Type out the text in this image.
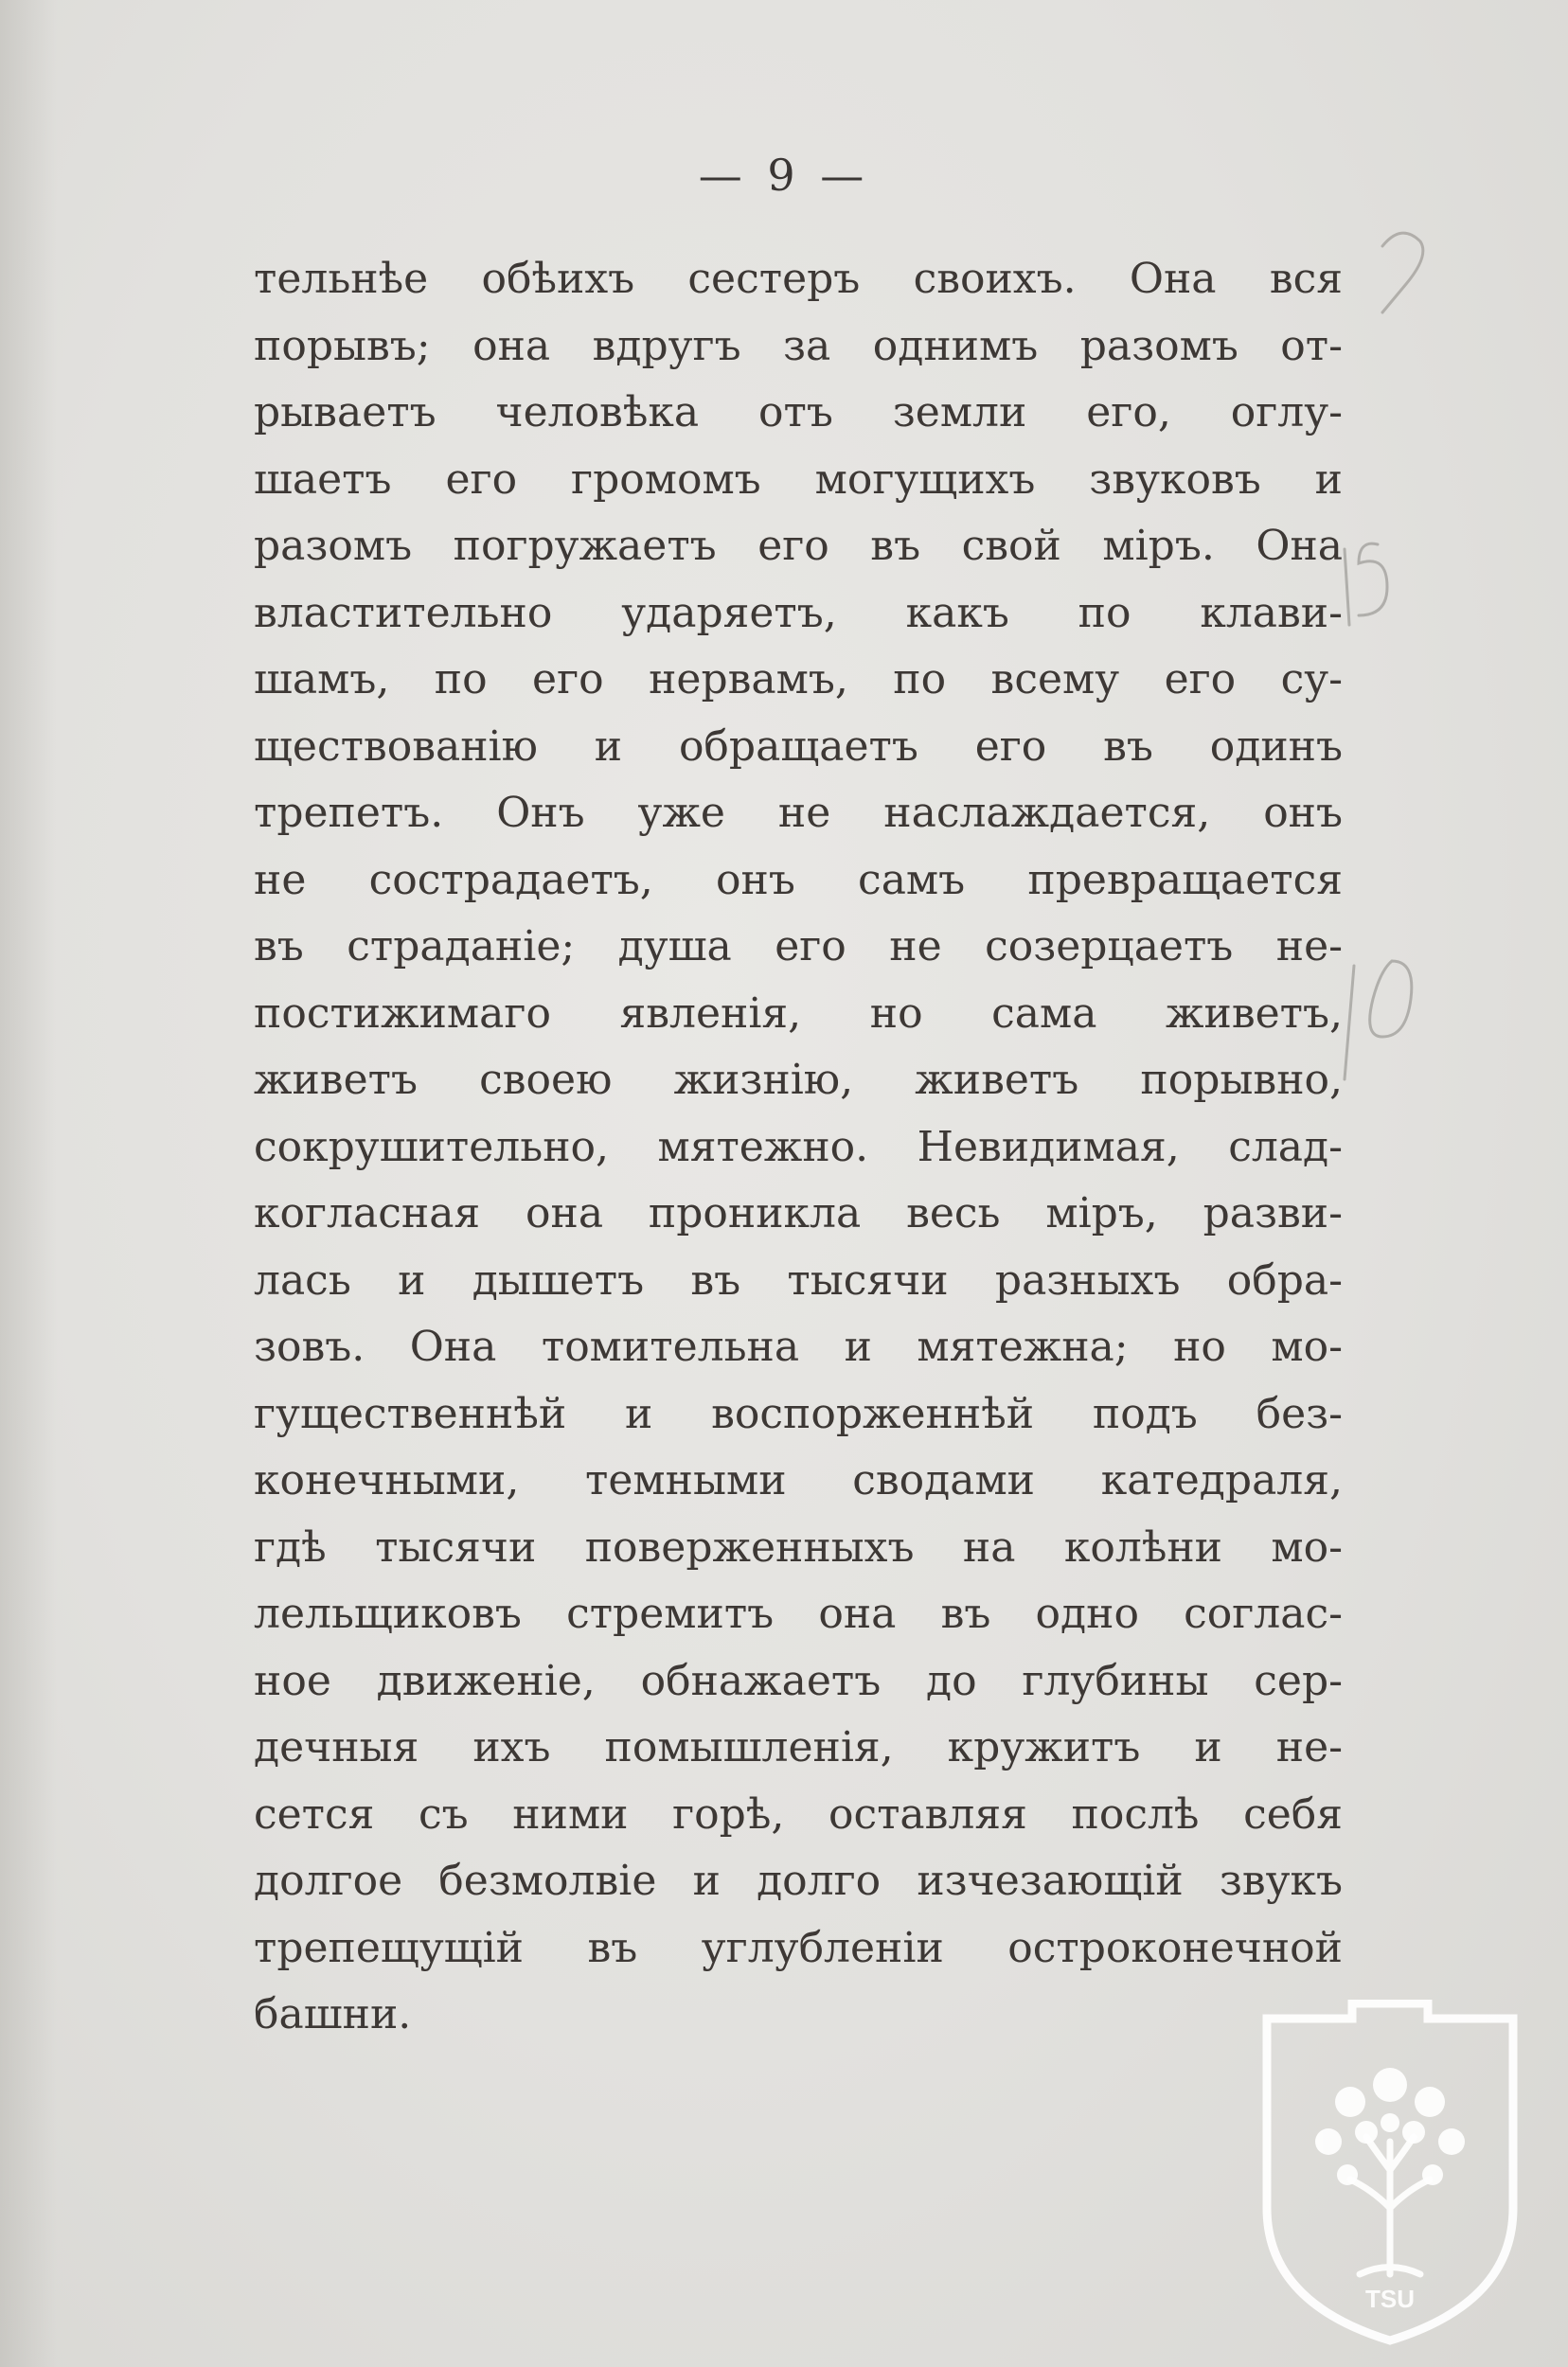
— 9 —
тельнѣе обѣихъ сестеръ своихъ. Она вся
порывъ; она вдругъ за однимъ разомъ от-
рываетъ человѣка отъ земли его, оглу-
шаетъ его громомъ могущихъ звуковъ и
разомъ погружаетъ его въ свой міръ. Она
властительно ударяетъ, какъ по клави-
шамъ, по его нервамъ, по всему его су-
ществованію и обращаетъ его въ одинъ
трепетъ. Онъ уже не наслаждается, онъ
не сострадаетъ, онъ самъ превращается
въ страданіе; душа его не созерцаетъ не-
постижимаго явленія, но сама живетъ,
живетъ своею жизнію, живетъ порывно,
сокрушительно, мятежно. Невидимая, слад-
когласная она проникла весь міръ, разви-
лась и дышетъ въ тысячи разныхъ обра-
зовъ. Она томительна и мятежна; но мо-
гущественнѣй и воспорженнѣй подъ без-
конечными, темными сводами катедраля,
гдѣ тысячи поверженныхъ на колѣни мо-
лельщиковъ стремитъ она въ одно соглас-
ное движеніе, обнажаетъ до глубины сер-
дечныя ихъ помышленія, кружитъ и не-
сется съ ними горѣ, оставляя послѣ себя
долгое безмолвіе и долго изчезающій звукъ
трепещущій въ углубленіи остроконечной
башни.
TSU
